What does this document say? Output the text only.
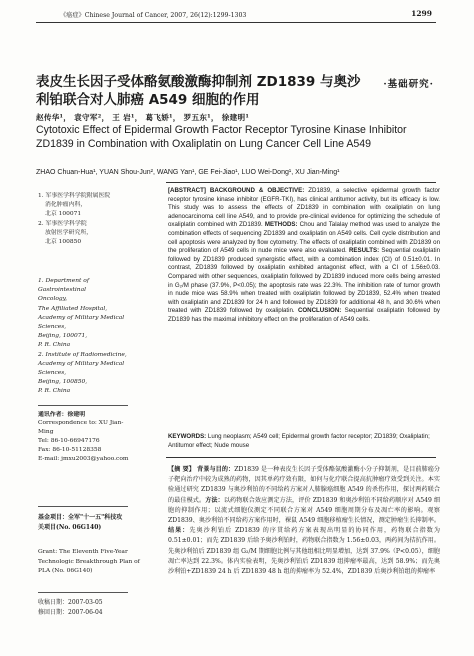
《癌症》Chinese Journal of Cancer, 2007, 26(12):1299-1303	1299
表皮生长因子受体酪氨酸激酶抑制剂 ZD1839 与奥沙利铂联合对人肺癌 A549 细胞的作用
·基础研究·
赵传华¹， 袁守军²， 王 岩¹， 葛飞娇¹， 罗五东¹， 徐建明¹
Cytotoxic Effect of Epidermal Growth Factor Receptor Tyrosine Kinase Inhibitor ZD1839 in Combination with Oxaliplatin on Lung Cancer Cell Line A549
ZHAO Chuan-Hua¹, YUAN Shou-Jun², WANG Yan¹, GE Fei-Jiao¹, LUO Wei-Dong¹, XU Jian-Ming¹
1. 军事医学科学院附属医院
消化肿瘤内科，
北京 100071
2. 军事医学科学院
放射医学研究所，
北京 100850
1. Department of Gastrointestinal
Oncology,
The Affiliated Hospital,
Academy of Military Medical
Sciences,
Beijing, 100071,
P. R. China
2. Institute of Radiomedicine,
Academy of Military Medical
Sciences,
Beijing, 100850,
P. R. China
通讯作者：徐建明
Correspondence to: XU Jian-Ming
Tel: 86-10-66947176
Fax: 86-10-51128358
E-mail: jmxu2003@yahoo.com
基金项目：全军"十一五"科技攻
关项目(No. 06G140)
Grant: The Eleventh Five-Year
Technologic Breakthrough Plan of
PLA (No. 06G140)
收稿日期：2007-03-05
修回日期：2007-06-04
[ABSTRACT] BACKGROUND & OBJECTIVE: ZD1839, a selective epidermal growth factor receptor tyrosine kinase inhibitor (EGFR-TKI), has clinical antitumor activity, but its efficacy is low. This study was to assess the effects of ZD1839 in combination with oxaliplatin on lung adenocarcinoma cell line A549, and to provide pre-clinical evidence for optimizing the schedule of oxaliplatin combined with ZD1839. METHODS: Chou and Talalay method was used to analyze the combination effects of sequencing ZD1839 and oxaliplatin on A549 cells. Cell cycle distribution and cell apoptosis were analyzed by flow cytometry. The effects of oxaliplatin combined with ZD1839 on the proliferation of A549 cells in nude mice were also evaluated. RESULTS: Sequential oxaliplatin followed by ZD1839 produced synergistic effect, with a combination index (CI) of 0.51±0.01. In contrast, ZD1839 followed by oxaliplatin exhibited antagonist effect, with a CI of 1.56±0.03. Compared with other sequences, oxaliplatin followed by ZD1839 induced more cells being arrested in G₂/M phase (37.9%, P<0.05); the apoptosis rate was 22.3%. The inhibition rate of tumor growth in nude mice was 58.9% when treated with oxaliplatin followed by ZD1839, 52.4% when treated with oxaliplatin and ZD1839 for 24 h and followed by ZD1839 for additional 48 h, and 30.6% when treated with ZD1839 followed by oxaliplatin. CONCLUSION: Sequential oxaliplatin followed by ZD1839 has the maximal inhibitory effect on the proliferation of A549 cells.
KEYWORDS: Lung neoplasm; A549 cell; Epidermal growth factor receptor; ZD1839; Oxaliplatin; Antitumor effect; Nude mouse
【摘 要】 背景与目的：ZD1839 是一种表皮生长因子受体酪氨酸激酶小分子抑制剂，是目前肺癌分子靶向治疗中较为成熟的药物，因其单药疗效有限，如何与化疗联合提高抗肿瘤疗效受到关注。本实验通过研究 ZD1839 与奥沙利铂的不同给药方案对人肺腺癌细胞 A549 的杀伤作用，探讨两药联合的最佳模式。方法：以药物联合效应测定方法，评价 ZD1839 和奥沙利铂不同给药顺序对 A549 细胞的抑制作用；以流式细胞仪测定不同联合方案对 A549 细胞周期分布及凋亡率的影响。观察 ZD1839、奥沙利铂不同给药方案作用时，裸鼠 A549 细胞移植瘤生长情况，测定肿瘤生长抑制率。结果：先奥沙利铂后 ZD1839 的序贯给药方案表现出明显的协同作用，药物联合指数为 0.51±0.01；而先 ZD1839 后给予奥沙利铂时，药物联合指数为 1.56±0.03，两药间为拮抗作用。先奥沙利铂后 ZD1839 组 G₂/M 期细胞比例与其他组相比明显增加，达到 37.9%（P<0.05），细胞凋亡率达到 22.3%。体内实验表明，先奥沙利铂后 ZD1839 组抑瘤率最高，达到 58.9%；而先奥沙利铂+ZD1839 24 h 后 ZD1839 48 h 组的抑瘤率为 52.4%，ZD1839 后奥沙利铂组的抑瘤率
